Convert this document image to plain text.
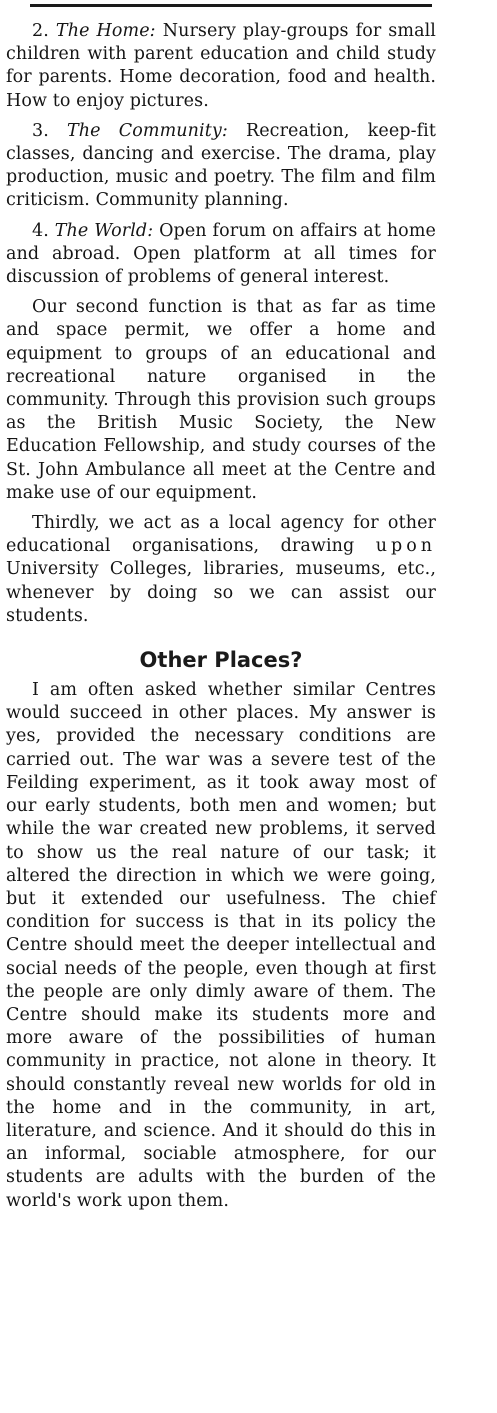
2. The Home: Nursery play-groups for small children with parent education and child study for parents. Home decoration, food and health. How to enjoy pictures.

3. The Community: Recreation, keep-fit classes, dancing and exercise. The drama, play production, music and poetry. The film and film criticism. Community planning.

4. The World: Open forum on affairs at home and abroad. Open platform at all times for discussion of problems of general interest.

Our second function is that as far as time and space permit, we offer a home and equipment to groups of an educational and recreational nature organised in the community. Through this provision such groups as the British Music Society, the New Education Fellowship, and study courses of the St. John Ambulance all meet at the Centre and make use of our equipment.

Thirdly, we act as a local agency for other educational organisations, drawing upon University Colleges, libraries, museums, etc., whenever by doing so we can assist our students.

Other Places?

I am often asked whether similar Centres would succeed in other places. My answer is yes, provided the necessary conditions are carried out. The war was a severe test of the Feilding experiment, as it took away most of our early students, both men and women; but while the war created new problems, it served to show us the real nature of our task; it altered the direction in which we were going, but it extended our usefulness. The chief condition for success is that in its policy the Centre should meet the deeper intellectual and social needs of the people, even though at first the people are only dimly aware of them. The Centre should make its students more and more aware of the possibilities of human community in practice, not alone in theory. It should constantly reveal new worlds for old in the home and in the community, in art, literature, and science. And it should do this in an informal, sociable atmosphere, for our students are adults with the burden of the world's work upon them.
